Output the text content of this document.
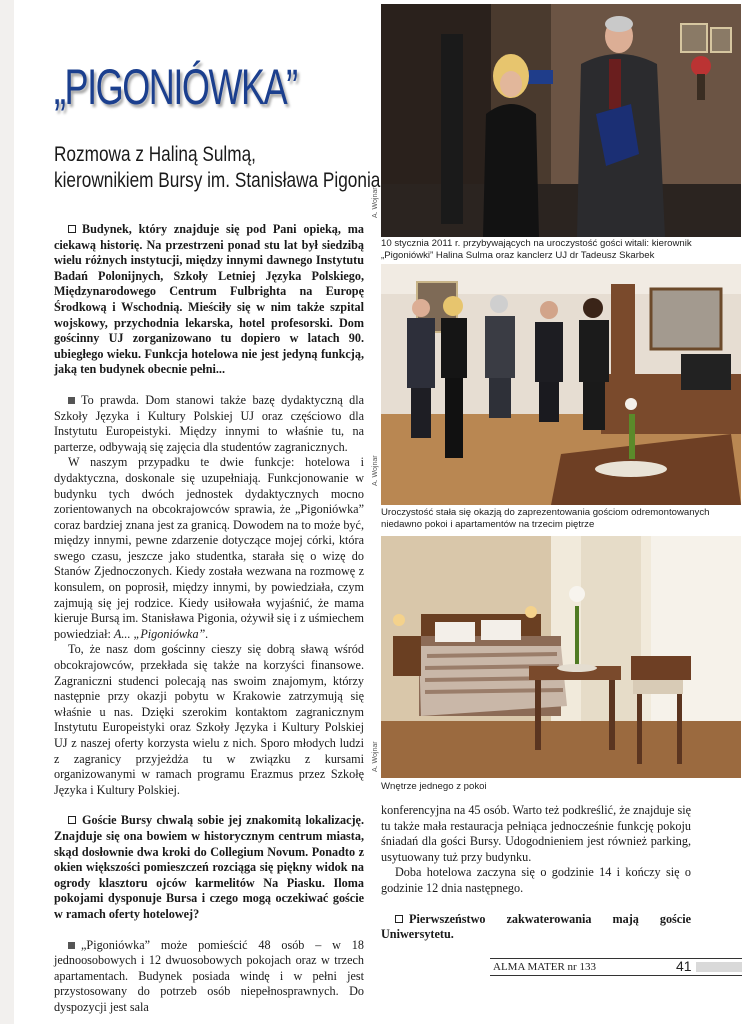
„PIGONIÓWKA”
Rozmowa z Haliną Sulmą,
kierownikiem Bursy im. Stanisława Pigonia

Budynek, który znajduje się pod Pani opieką, ma ciekawą historię. Na przestrzeni ponad stu lat był siedzibą wielu różnych instytucji, między innymi dawnego Instytutu Badań Polonijnych, Szkoły Letniej Języka Polskiego, Międzynarodowego Centrum Fulbrighta na Europę Środkową i Wschodnią. Mieściły się w nim także szpital wojskowy, przychodnia lekarska, hotel profesorski. Dom gościnny UJ zorganizowano tu dopiero w latach 90. ubiegłego wieku. Funkcja hotelowa nie jest jedyną funkcją, jaką ten budynek obecnie pełni...

To prawda. Dom stanowi także bazę dydaktyczną dla Szkoły Języka i Kultury Polskiej UJ oraz częściowo dla Instytutu Europeistyki. Między innymi to właśnie tu, na parterze, odbywają się zajęcia dla studentów zagranicznych.

W naszym przypadku te dwie funkcje: hotelowa i dydaktyczna, doskonale się uzupełniają. Funkcjonowanie w budynku tych dwóch jednostek dydaktycznych mocno zorientowanych na obcokrajowców sprawia, że „Pigoniówka” coraz bardziej znana jest za granicą. Dowodem na to może być, między innymi, pewne zdarzenie dotyczące mojej córki, która swego czasu, jeszcze jako studentka, starała się o wizę do Stanów Zjednoczonych. Kiedy została wezwana na rozmowę z konsulem, on poprosił, między innymi, by powiedziała, czym zajmują się jej rodzice. Kiedy usiłowała wyjaśnić, że mama kieruje Bursą im. Stanisława Pigonia, ożywił się i z uśmiechem powiedział: A... „Pigoniówka”.

To, że nasz dom gościnny cieszy się dobrą sławą wśród obcokrajowców, przekłada się także na korzyści finansowe. Zagraniczni studenci polecają nas swoim znajomym, którzy następnie przy okazji pobytu w Krakowie zatrzymują się właśnie u nas. Dzięki szerokim kontaktom zagranicznym Instytutu Europeistyki oraz Szkoły Języka i Kultury Polskiej UJ z naszej oferty korzysta wielu z nich. Sporo młodych ludzi z zagranicy przyjeżdża tu w związku z kursami organizowanymi w ramach programu Erazmus przez Szkołę Języka i Kultury Polskiej.

Goście Bursy chwalą sobie jej znakomitą lokalizację. Znajduje się ona bowiem w historycznym centrum miasta, skąd dosłownie dwa kroki do Collegium Novum. Ponadto z okien większości pomieszczeń rozciąga się piękny widok na ogrody klasztoru ojców karmelitów Na Piasku. Iloma pokojami dysponuje Bursa i czego mogą oczekiwać goście w ramach oferty hotelowej?

„Pigoniówka” może pomieścić 48 osób – w 18 jednoosobowych i 12 dwuosobowych pokojach oraz w trzech apartamentach. Budynek posiada windę i w pełni jest przystosowany do potrzeb osób niepełnosprawnych. Do dyspozycji jest sala

konferencyjna na 45 osób. Warto też podkreślić, że znajduje się tu także mała restauracja pełniąca jednocześnie funkcję pokoju śniadań dla gości Bursy. Udogodnieniem jest również parking, usytuowany tuż przy budynku.

Doba hotelowa zaczyna się o godzinie 14 i kończy się o godzinie 12 dnia następnego.

Pierwszeństwo zakwaterowania mają goście Uniwersytetu.

A. Wojnar
10 stycznia 2011 r. przybywających na uroczystość gości witali: kierownik
„Pigoniówki” Halina Sulma oraz kanclerz UJ dr Tadeusz Skarbek
A. Wojnar
Uroczystość stała się okazją do zaprezentowania gościom odremontowanych
niedawno pokoi i apartamentów na trzecim piętrze
A. Wojnar
Wnętrze jednego z pokoi
ALMA MATER nr 133	41
